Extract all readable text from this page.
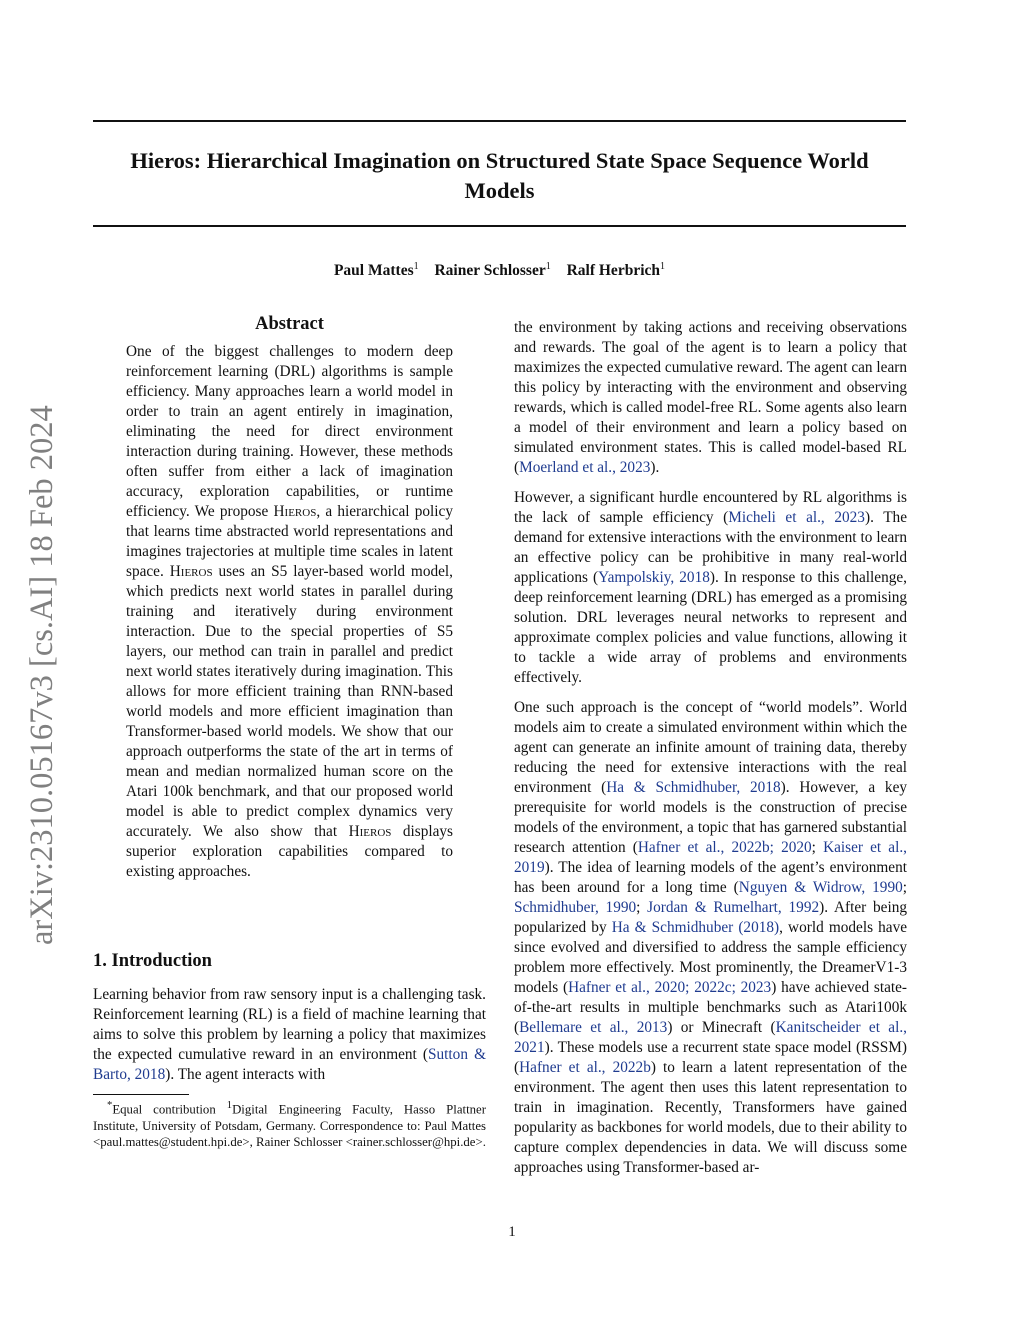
Hieros: Hierarchical Imagination on Structured State Space Sequence World Models
Paul Mattes$^1$ Rainer Schlosser$^1$ Ralf Herbrich$^1$
arXiv:2310.05167v3 [cs.AI] 18 Feb 2024
Abstract
One of the biggest challenges to modern deep reinforcement learning (DRL) algorithms is sample efficiency. Many approaches learn a world model in order to train an agent entirely in imagination, eliminating the need for direct environment interaction during training. However, these methods often suffer from either a lack of imagination accuracy, exploration capabilities, or runtime efficiency. We propose Hieros, a hierarchical policy that learns time abstracted world representations and imagines trajectories at multiple time scales in latent space. Hieros uses an S5 layer-based world model, which predicts next world states in parallel during training and iteratively during environment interaction. Due to the special properties of S5 layers, our method can train in parallel and predict next world states iteratively during imagination. This allows for more efficient training than RNN-based world models and more efficient imagination than Transformer-based world models. We show that our approach outperforms the state of the art in terms of mean and median normalized human score on the Atari 100k benchmark, and that our proposed world model is able to predict complex dynamics very accurately. We also show that Hieros displays superior exploration capabilities compared to existing approaches.
1. Introduction
Learning behavior from raw sensory input is a challenging task. Reinforcement learning (RL) is a field of machine learning that aims to solve this problem by learning a policy that maximizes the expected cumulative reward in an environment (Sutton & Barto, 2018). The agent interacts with
*Equal contribution $^1$Digital Engineering Faculty, Hasso Plattner Institute, University of Potsdam, Germany. Correspondence to: Paul Mattes <paul.mattes@student.hpi.de>, Rainer Schlosser <rainer.schlosser@hpi.de>.

the environment by taking actions and receiving observations and rewards. The goal of the agent is to learn a policy that maximizes the expected cumulative reward. The agent can learn this policy by interacting with the environment and observing rewards, which is called model-free RL. Some agents also learn a model of their environment and learn a policy based on simulated environment states. This is called model-based RL (Moerland et al., 2023).

However, a significant hurdle encountered by RL algorithms is the lack of sample efficiency (Micheli et al., 2023). The demand for extensive interactions with the environment to learn an effective policy can be prohibitive in many real-world applications (Yampolskiy, 2018). In response to this challenge, deep reinforcement learning (DRL) has emerged as a promising solution. DRL leverages neural networks to represent and approximate complex policies and value functions, allowing it to tackle a wide array of problems and environments effectively.

One such approach is the concept of “world models”. World models aim to create a simulated environment within which the agent can generate an infinite amount of training data, thereby reducing the need for extensive interactions with the real environment (Ha & Schmidhuber, 2018). However, a key prerequisite for world models is the construction of precise models of the environment, a topic that has garnered substantial research attention (Hafner et al., 2022b; 2020; Kaiser et al., 2019). The idea of learning models of the agent’s environment has been around for a long time (Nguyen & Widrow, 1990; Schmidhuber, 1990; Jordan & Rumelhart, 1992). After being popularized by Ha & Schmidhuber (2018), world models have since evolved and diversified to address the sample efficiency problem more effectively. Most prominently, the DreamerV1-3 models (Hafner et al., 2020; 2022c; 2023) have achieved state-of-the-art results in multiple benchmarks such as Atari100k (Bellemare et al., 2013) or Minecraft (Kanitscheider et al., 2021). These models use a recurrent state space model (RSSM) (Hafner et al., 2022b) to learn a latent representation of the environment. The agent then uses this latent representation to train in imagination. Recently, Transformers have gained popularity as backbones for world models, due to their ability to capture complex dependencies in data. We will discuss some approaches using Transformer-based ar-

1
